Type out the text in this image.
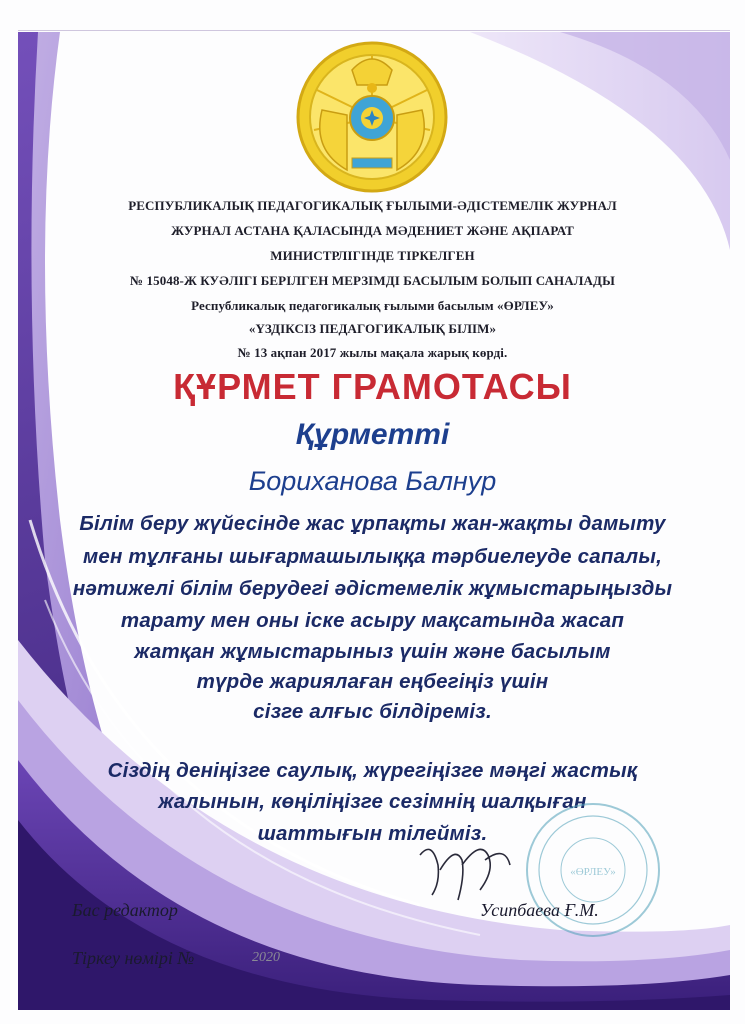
РЕСПУБЛИКАЛЫҚ ПЕДАГОГИКАЛЫҚ ҒЫЛЫМИ-ӘДІСТЕМЕЛІК ЖУРНАЛ
ЖУРНАЛ АСТАНА ҚАЛАСЫНДА МӘДЕНИЕТ ЖӘНЕ АҚПАРАТ
МИНИСТРЛІГІНДЕ ТІРКЕЛГЕН
№ 15048-Ж КУӘЛІГІ БЕРІЛГЕН МЕРЗІМДІ БАСЫЛЫМ БОЛЫП САНАЛАДЫ
Республикалық педагогикалық ғылыми басылым «ӨРЛЕУ»
«ҮЗДІКСІЗ ПЕДАГОГИКАЛЫҚ БІЛІМ»
№ 13 ақпан 2017 жылы мақала жарық көрді.
ҚҰРМЕТ ГРАМОТАСЫ
Құрметті
Бориханова Балнур
Білім беру жүйесінде жас ұрпақты жан-жақты дамыту
мен тұлғаны шығармашылыққа тәрбиелеуде сапалы,
нәтижелі білім берудегі әдістемелік жұмыстарыңызды
тарату мен оны іске асыру мақсатында жасап
жатқан жұмыстарыныз үшін және басылым
түрде жариялаған еңбегіңіз үшін
сізге алғыс білдіреміз.
Сіздің деніңізге саулық, жүрегіңізге мәңгі жастық
жалынын, көңіліңізге сезімнің шалқыған
шаттығын тілейміз.
«ӨРЛЕУ»
Бас редактор	Усипбаева Ғ.М.
Тіркеу нөмірі №	2020
